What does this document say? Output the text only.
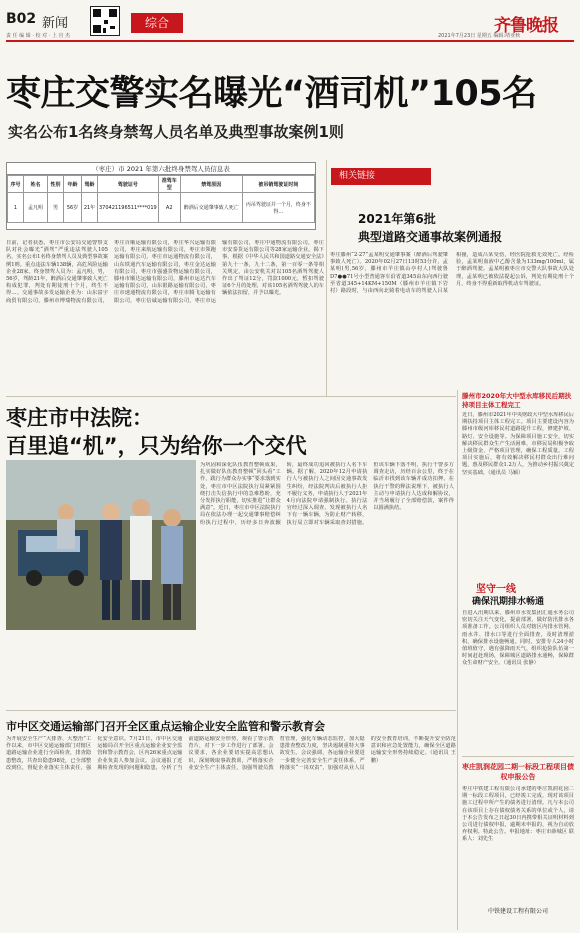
B02 新闻
责 任 编 辑 · 校 对 · 上 官 杰
综合	齐鲁晚报
2021年7月23日 星期五 编辑:靖亚秋
枣庄交警实名曝光“酒司机”105名
实名公布1名终身禁驾人员名单及典型事故案例1则
（枣庄）市 2021 年第六批终身禁驾人员信息表
序号	姓名	性别	年龄	驾龄	驾驶证号	准驾车型	禁驾原因	被吊销驾驶证时间
1	孟凡明	男	56岁	21年	370421196511****019	A2	醉酒后交通肇事致人死亡	丙吊驾驶证并一个月，终身不得…
日前，记者获悉，枣庄市公安局交通警察支队对社会曝光“酒驾”严重违法驾驶人105名，实名公布1名终身禁驾人员及典型事故案例1则。重点违法车辆138辆，高危风险运输企业28家。终身禁驾人员为：孟凡明，男，56岁，驾龄21年，醉酒后交通肇事致人死亡构成犯罪，判处有期徒刑十个月，终生不得…。交通事故多发运输企业为：山东富宇商贸有限公司，滕州市博瑞物流有限公司，枣庄百顺运输有限公司，枣庄华兴运输有限公司，枣庄来航运输有限公司，枣庄市领跑运输有限公司，枣庄市运通物流有限公司，山东铁通汽车运输有限公司，枣庄金达运输有限公司，枣庄市强盛货物运输有限公司，滕州市顺达运输有限公司，滕州市运达汽车运输有限公司，山东银路运输有限公司，枣庄市速通物流有限公司，枣庄市腾飞运输有限公司，枣庄信诚运输有限公司，枣庄市运输有限公司，枣庄中通物流有限公司，枣庄市安泰货运有限公司等28家运输企业。揭下事，根据《中华人民共和国道路交通安全法》第九十一条，九十二条，第一百零一条等相关规定，由公安机关对以105名酒驾驾驶人作出了驾证12分，罚款1000元，暂扣驾驶证6个月的处理，对该105名酒驾驾驶人的车辆依法扣留，并予以曝光。
相关链接
2021年第6批
典型道路交通事故案例通报
枣庄滕州“2·27”孟某明交通肇事案（醉酒后驾驶肇事致人死亡）。2020年02月27日13时53分许，孟某明(男,56岁，滕州市羊庄镇山亭村人)驾驶鲁D7●●71号小型普通客车沿省道345由东向西行驶至省道345+14KM+150M（滕州市羊庄镇下岩村）路段时，与由西向北骑着电动车的驾驶人吕某相撞，造成吕某受伤，经医院抢救无效死亡。经检验，孟某明血液中乙醇含量为133mg/100ml，属于醉酒驾驶。孟某明被枣庄市交警大队事故大队处理，孟某明已被依法提起公诉，判处有期徒刑十个月，终身不得重新取得机动车驾驶证。
枣庄市中法院：
百里追“机”，只为给你一个交代
为巩固和深化队伍教育整顿成果，扎实做好队伍教育整顿“回头看”工作，践行为群众办实事“要求落到实处，枣庄市中区法院执行局紧紧围绕打击失信执行中的急难愁盼，充分发挥执行职能，切实推进“让群众满意”。近日，枣庄市中区法院执行局在依法办理一起交通肇事赔偿纠纷执行过程中，历经多日奔波辗转，最终成功追回被执行人名下车辆。据了解，2020年12月申请执行人与被执行人之间因交通事故发生纠纷，经法院判决后被执行人拒不履行义务，申请执行人于2021年4月向法院申请强制执行。执行法官经过深入调查，发现被执行人名下有一辆车辆，为防止财产转移，执行局立即对车辆采取查封措施。但该车辆下落不明，执行干警多方调查走访，历经百余公里，终于在临沂市找到该车辆并成功扣押。在执行干警的释法说理下，被执行人主动与申请执行人达成和解协议，并当场履行了全部赔偿款，案件得以圆满执结。
滕州市2020年大中型水库移民后期扶持项目主体工程完工
近日，滕州市2021年中央财政大中型水库移民后期扶持项目主体工程完工。项目主要建设内容为滕州市级河库移民村道路提升工程，修建护坡、路灯、安全设施等。为保障项目施工安全，切实解决移民群众生产生活困难，市移民局积极争取上级资金，严格项目管理，确保工程质量。工程项目实施后，将有效解决移民村群众出行难问题，惠及移民群众1.2万人，为推动乡村振兴奠定坚实基础。（通讯员 马颖）
坚守一线
确保汛期排水畅通
自进入汛期以来，滕州市水发集团汇通水务公司密切关注天气变化，提前部署，做好防汛排水各项准备工作。公司组织人员对辖区内排水管网、雨水井、排水口等进行全面排查，及时清理淤积，确保排水设施畅通。同时，安排专人24小时值班值守，遇有强降雨天气，组织抢险队伍第一时间赶赴现场，保障城区道路排水通畅，保障群众生命财产安全。（通讯员 张静）
枣庄凯润花园二期一标段工程项目债权申报公告
枣庄中铁建工程有限公司承建的枣庄凯润花园二期一标段工程项目，已经竣工完成，现对该项目施工过程中所产生的债务进行清理。凡与本公司在该项目上存在债权债务关系的单位或个人，请于本公告发布之日起30日内携带相关证明材料到公司进行债权申报，逾期未申报的，视为自动放弃权利。特此公告。申报地址：枣庄市薛城区 联系人：刘先生
中铁建设工程有限公司
市中区交通运输部门召开全区重点运输企业安全监管和警示教育会
为开展安全生产“大排查、大整治”工作以来，市中区交通运输部门对辖区道路运输企业进行全面检查，排查隐患整改，共查出隐患98处，已全部整改到位，督促企业落实主体责任，强化安全意识。7月21日，市中区交通运输局召开全区重点运输企业安全监管和警示教育会，区内26家重点运输企业负责人参加会议。会议通报了近期检查发现的问题和隐患，分析了当前道路运输安全形势，观看了警示教育片，对下一步工作进行了部署。会议要求，各企业要切实提高思想认识，深刻吸取事故教训，严格落实企业安全生产主体责任，加强驾驶员教育管理，强化车辆动态监控，加大隐患排查整改力度，坚决遏制重特大事故发生。会议强调，各运输企业要进一步健全完善安全生产责任体系，严格落实“一岗双责”，加强对从业人员的安全教育培训，不断提升安全防范意识和应急处置能力，确保全区道路运输安全形势持续稳定。（通讯员 王鹏）
